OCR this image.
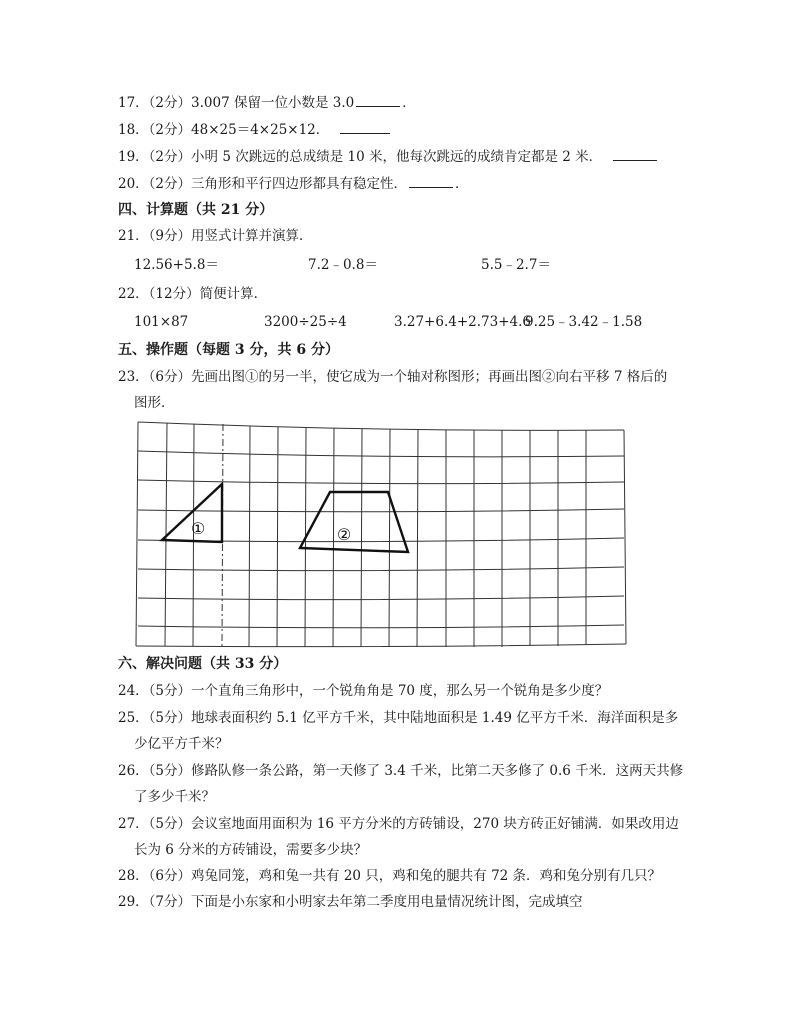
17．（2分）3.007 保留一位小数是 3.0	．
18．（2分）48×25＝4×25×12．
19．（2分）小明 5 次跳远的总成绩是 10 米，他每次跳远的成绩肯定都是 2 米．
20．（2分）三角形和平行四边形都具有稳定性．	．
四、计算题（共 21 分）
21．（9分）用竖式计算并演算．
12.56+5.8＝	7.2﹣0.8＝	5.5﹣2.7＝
22．（12分）简便计算．
101×87	3200÷25÷4	3.27+6.4+2.73+4.6
9.25﹣3.42﹣1.58
五、操作题（每题 3 分，共 6 分）
23．（6分）先画出图①的另一半，使它成为一个轴对称图形；再画出图②向右平移 7 格后的
图形．
①	②
六、解决问题（共 33 分）
24．（5分）一个直角三角形中，一个锐角角是 70 度，那么另一个锐角是多少度？
25．（5分）地球表面积约 5.1 亿平方千米，其中陆地面积是 1.49 亿平方千米．海洋面积是多
少亿平方千米？
26．（5分）修路队修一条公路，第一天修了 3.4 千米，比第二天多修了 0.6 千米．这两天共修
了多少千米？
27．（5分）会议室地面用面积为 16 平方分米的方砖铺设，270 块方砖正好铺满．如果改用边
长为 6 分米的方砖铺设，需要多少块？
28．（6分）鸡兔同笼，鸡和兔一共有 20 只，鸡和兔的腿共有 72 条．鸡和兔分别有几只？
29．（7分）下面是小东家和小明家去年第二季度用电量情况统计图，完成填空
